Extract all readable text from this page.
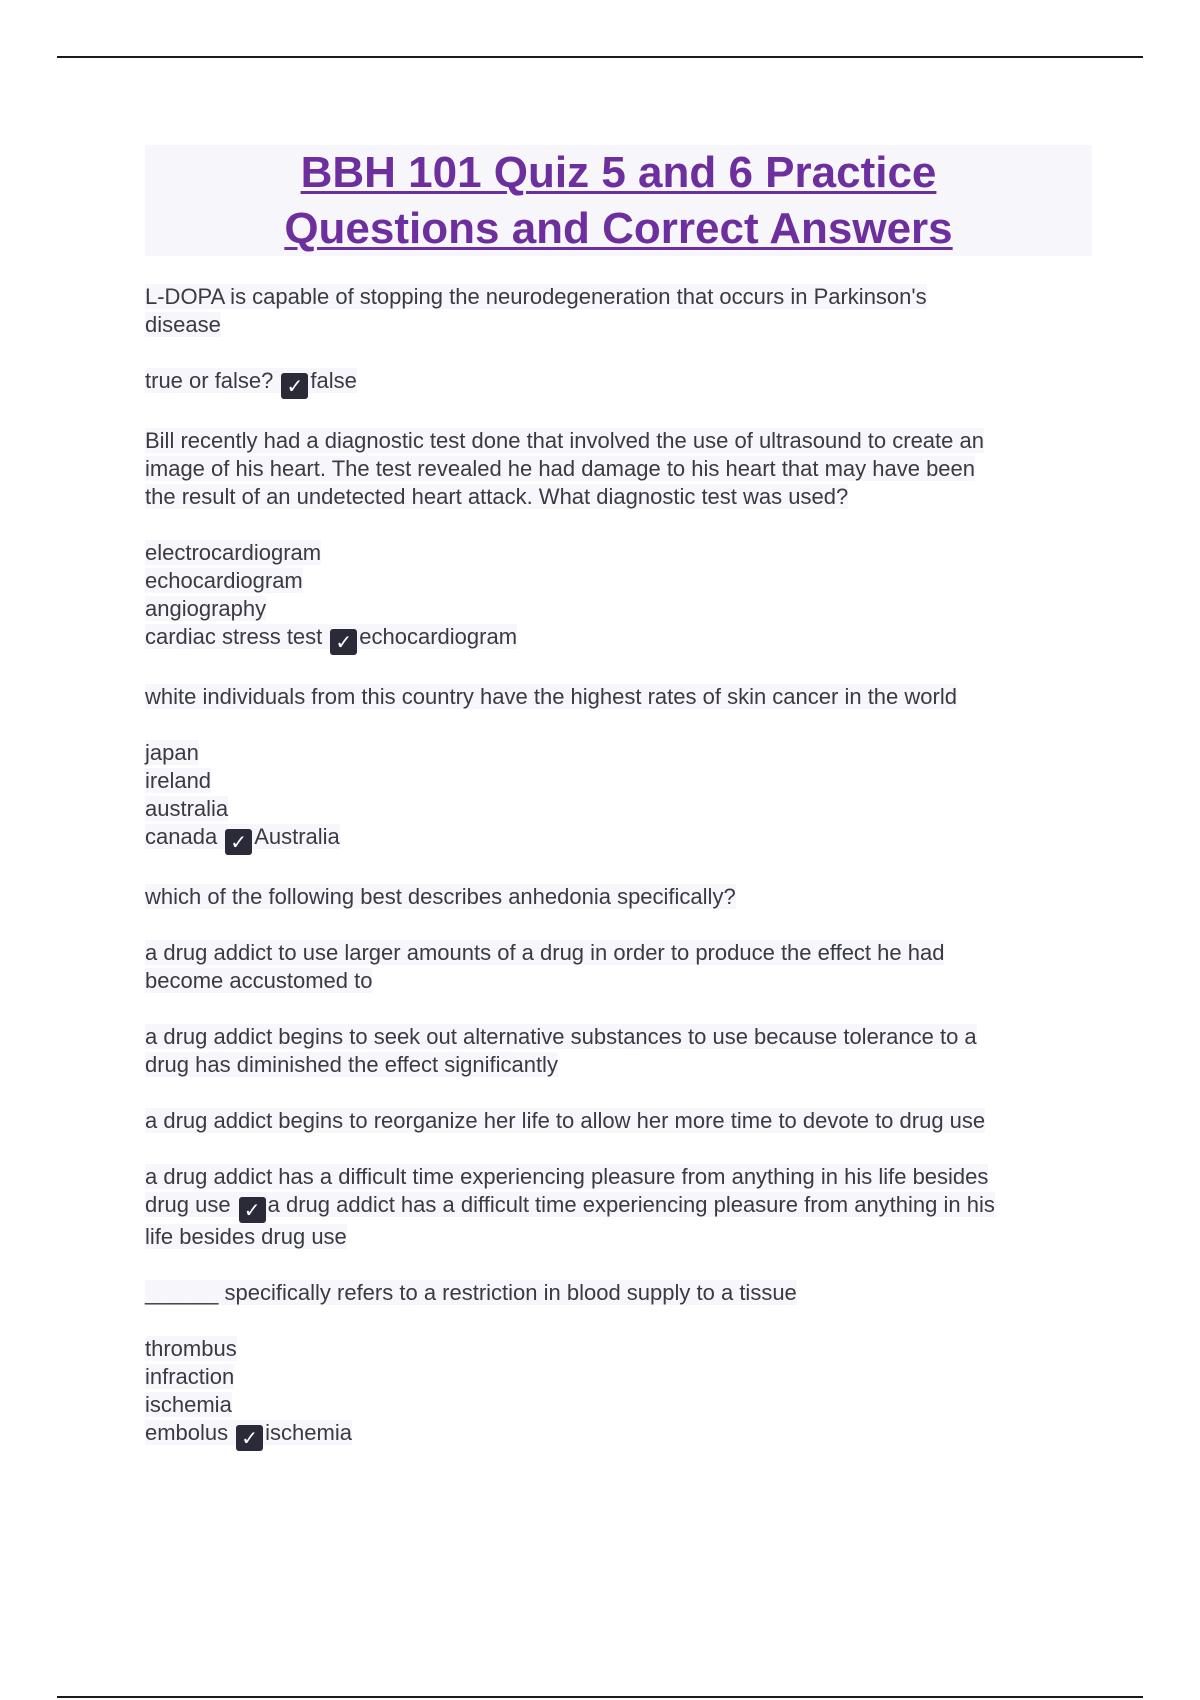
BBH 101 Quiz 5 and 6 Practice
Questions and Correct Answers
L-DOPA is capable of stopping the neurodegeneration that occurs in Parkinson's
disease
true or false? ✓ false
Bill recently had a diagnostic test done that involved the use of ultrasound to create an
image of his heart. The test revealed he had damage to his heart that may have been
the result of an undetected heart attack. What diagnostic test was used?
electrocardiogram
echocardiogram
angiography
cardiac stress test ✓ echocardiogram
white individuals from this country have the highest rates of skin cancer in the world
japan
ireland
australia
canada ✓ Australia
which of the following best describes anhedonia specifically?
a drug addict to use larger amounts of a drug in order to produce the effect he had
become accustomed to
a drug addict begins to seek out alternative substances to use because tolerance to a
drug has diminished the effect significantly
a drug addict begins to reorganize her life to allow her more time to devote to drug use
a drug addict has a difficult time experiencing pleasure from anything in his life besides
drug use ✓ a drug addict has a difficult time experiencing pleasure from anything in his
life besides drug use
______ specifically refers to a restriction in blood supply to a tissue
thrombus
infraction
ischemia
embolus ✓ ischemia
